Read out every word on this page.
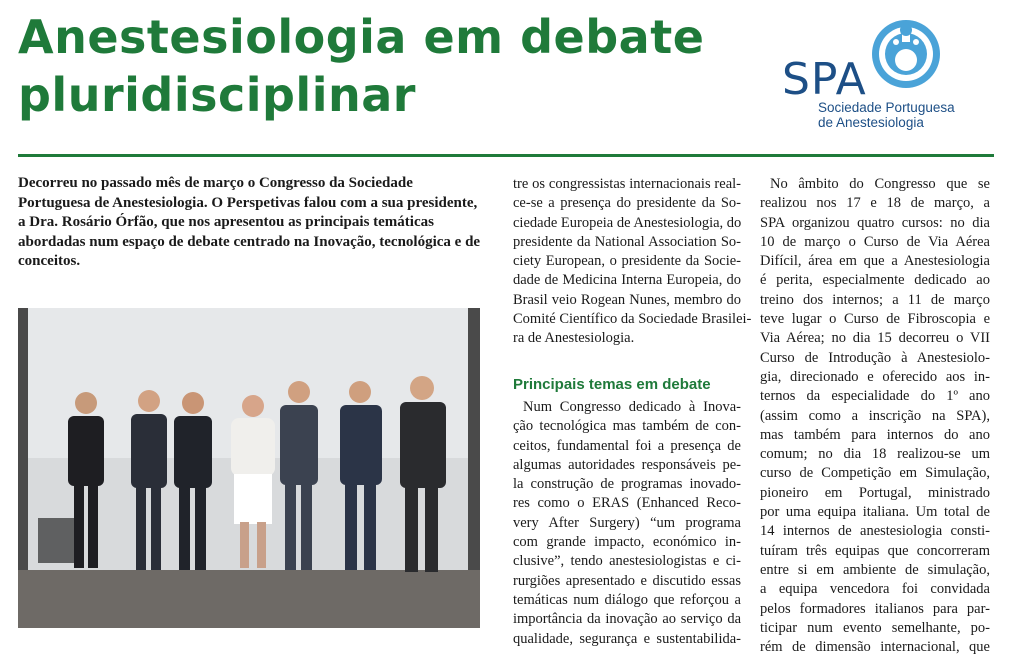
Anestesiologia em debate
pluridisciplinar	SPA
Sociedade Portuguesa
de Anestesiologia
Decorreu no passado mês de março o Congresso da Sociedade Portuguesa de Anestesiologia. O Perspetivas falou com a sua presidente, a Dra. Rosário Órfão, que nos apresentou as principais temáticas abordadas num espaço de debate centrado na Inovação, tecnológica e de conceitos.
tre os congressistas internacionais real-
ce-se a presença do presidente da So-
ciedade Europeia de Anestesiologia, do
presidente da National Association So-
ciety European, o presidente da Socie-
dade de Medicina Interna Europeia, do
Brasil veio Rogean Nunes, membro do
Comité Científico da Sociedade Brasilei-
ra de Anestesiologia.
Principais temas em debate
Num Congresso dedicado à Inova-
ção tecnológica mas também de con-
ceitos, fundamental foi a presença de
algumas autoridades responsáveis pe-
la construção de programas inovado-
res como o ERAS (Enhanced Reco-
very After Surgery) “um programa
com grande impacto, económico in-
clusive”, tendo anestesiologistas e ci-
rurgiões apresentado e discutido essas
temáticas num diálogo que reforçou a
importância da inovação ao serviço da
qualidade, segurança e sustentabilida-
No âmbito do Congresso que se
realizou nos 17 e 18 de março, a
SPA organizou quatro cursos: no dia
10 de março o Curso de Via Aérea
Difícil, área em que a Anestesiologia
é perita, especialmente dedicado ao
treino dos internos; a 11 de março
teve lugar o Curso de Fibroscopia e
Via Aérea; no dia 15 decorreu o VII
Curso de Introdução à Anestesiolo-
gia, direcionado e oferecido aos in-
ternos da especialidade do 1º ano
(assim como a inscrição na SPA),
mas também para internos do ano
comum; no dia 18 realizou-se um
curso de Competição em Simulação,
pioneiro em Portugal, ministrado
por uma equipa italiana. Um total de
14 internos de anestesiologia consti-
tuíram três equipas que concorreram
entre si em ambiente de simulação,
a equipa vencedora foi convidada
pelos formadores italianos para par-
ticipar num evento semelhante, po-
rém de dimensão internacional, que
